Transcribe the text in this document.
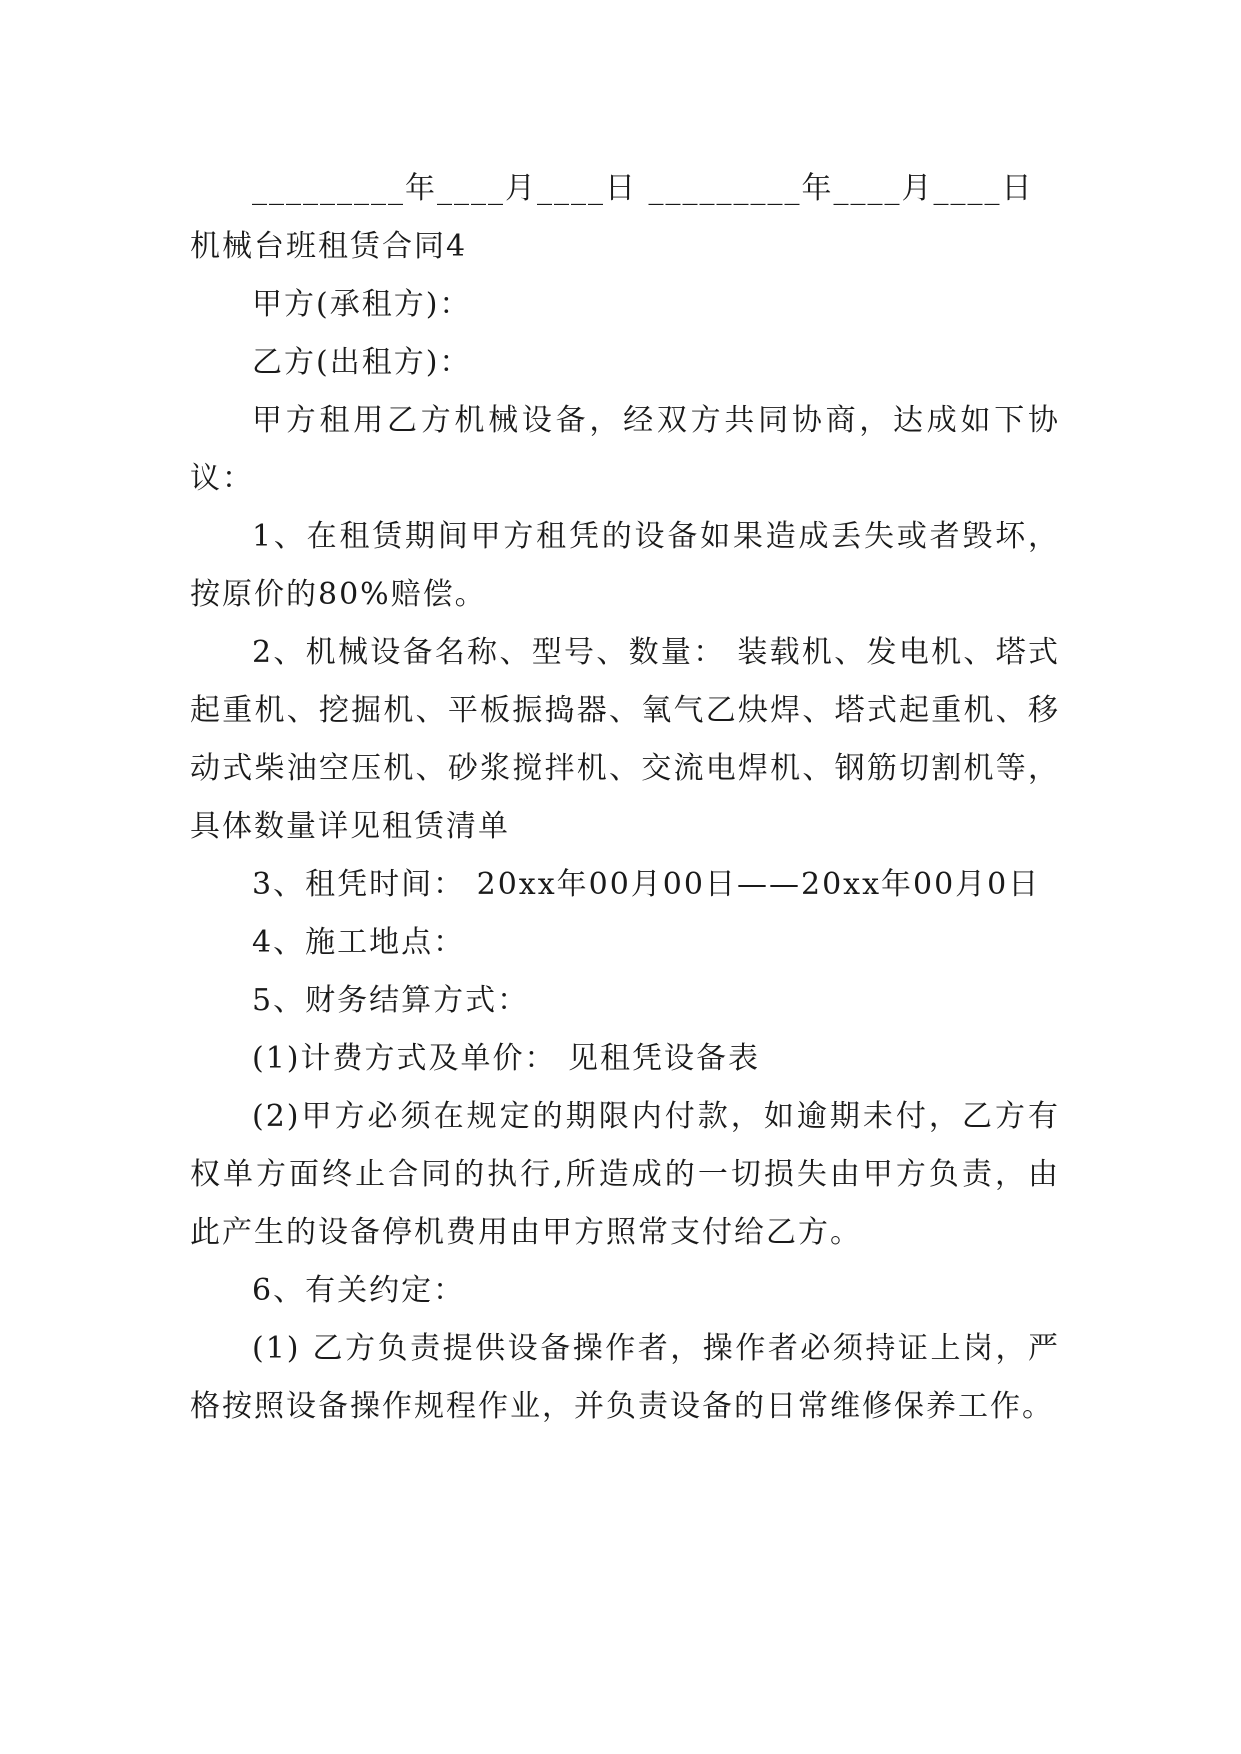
_________年____月____日 _________年____月____日
机械台班租赁合同4
甲方(承租方)：
乙方(出租方)：

甲方租用乙方机械设备，经双方共同协商，达成如下协议：

1、在租赁期间甲方租凭的设备如果造成丢失或者毁坏，按原价的80%赔偿。

2、机械设备名称、型号、数量： 装载机、发电机、塔式起重机、挖掘机、平板振捣器、氧气乙炔焊、塔式起重机、移动式柴油空压机、砂浆搅拌机、交流电焊机、钢筋切割机等，具体数量详见租赁清单

3、租凭时间： 20xx年00月00日——20xx年00月0日

4、施工地点：
5、财务结算方式：
(1)计费方式及单价： 见租凭设备表

(2)甲方必须在规定的期限内付款，如逾期未付，乙方有权单方面终止合同的执行,所造成的一切损失由甲方负责，由此产生的设备停机费用由甲方照常支付给乙方。

6、有关约定：

(1) 乙方负责提供设备操作者，操作者必须持证上岗，严格按照设备操作规程作业，并负责设备的日常维修保养工作。
